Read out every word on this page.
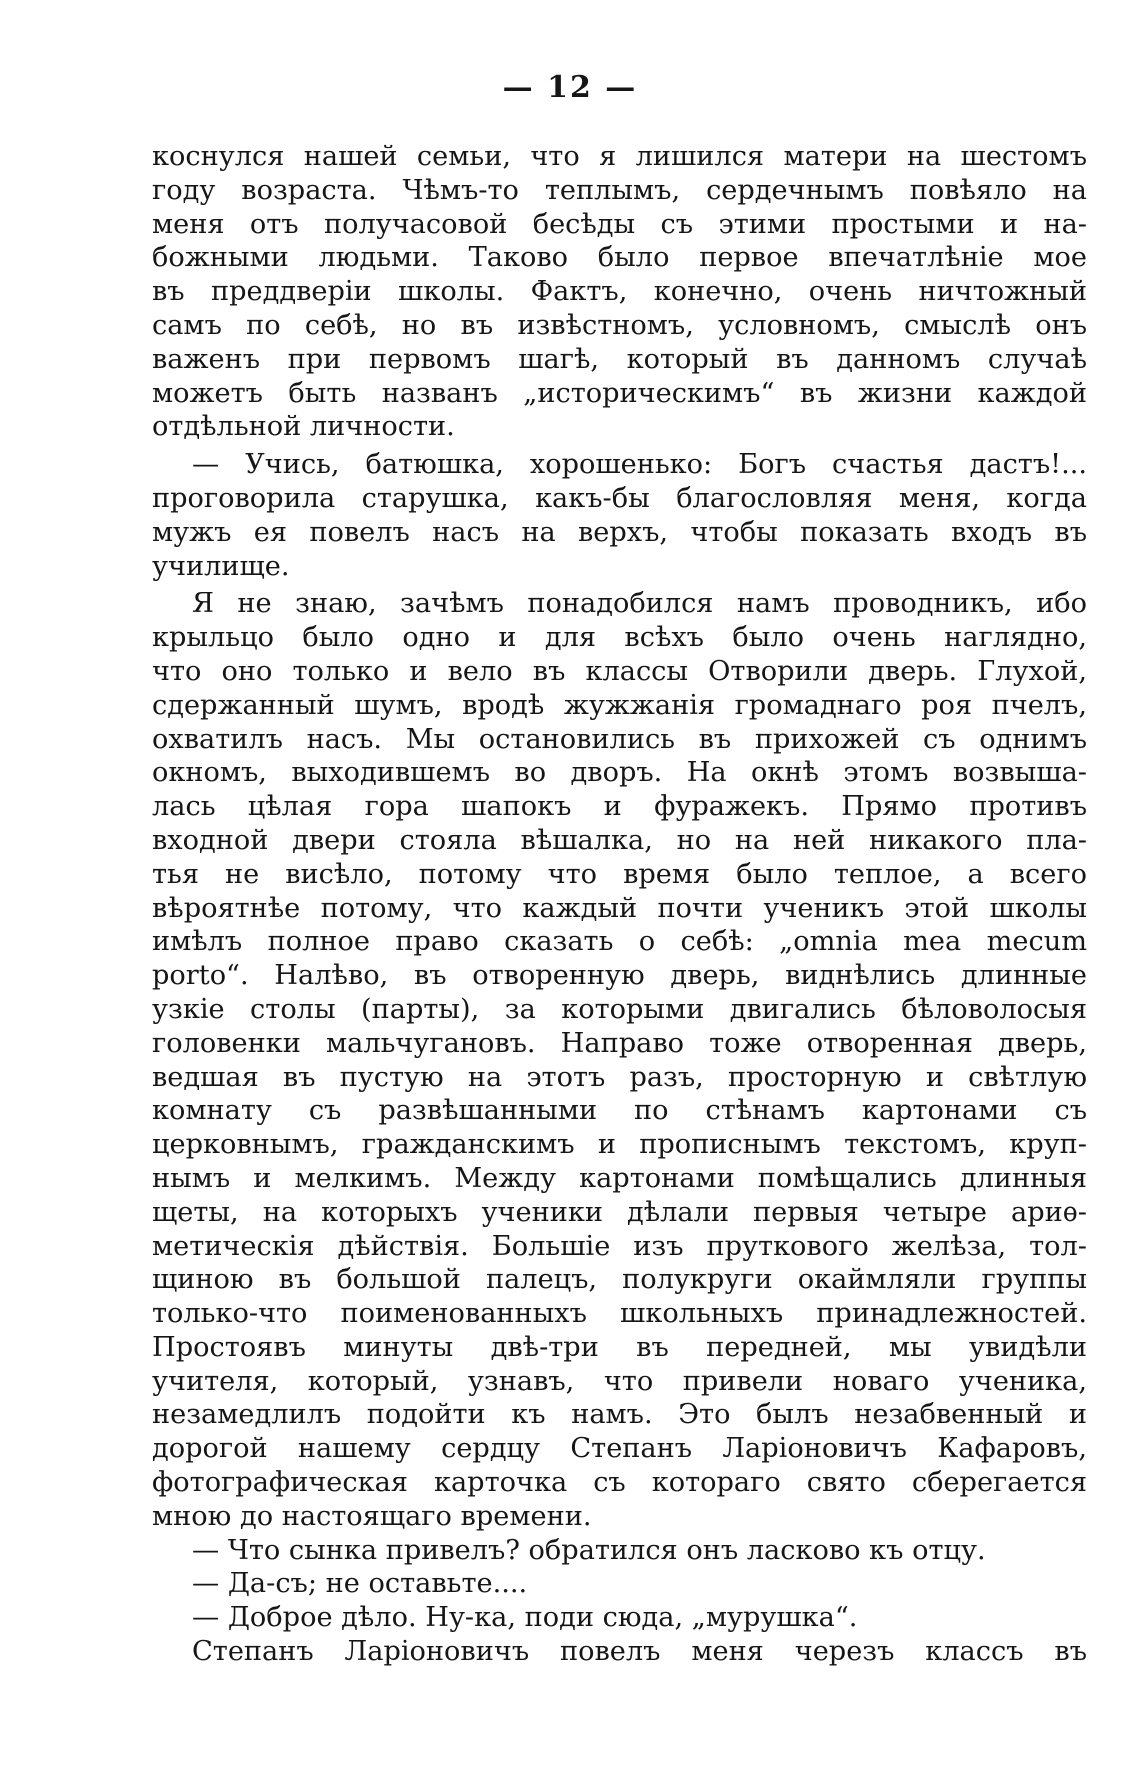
— 12 —
коснулся нашей семьи, что я лишился матери на шестомъ
году возраста. Чѣмъ-то теплымъ, сердечнымъ повѣяло на
меня отъ получасовой бесѣды съ этими простыми и на-
божными людьми. Таково было первое впечатлѣніе мое
въ преддверіи школы. Фактъ, конечно, очень ничтожный
самъ по себѣ, но въ извѣстномъ, условномъ, смыслѣ онъ
важенъ при первомъ шагѣ, который въ данномъ случаѣ
можетъ быть названъ „историческимъ“ въ жизни каждой
отдѣльной личности.
— Учись, батюшка, хорошенько: Богъ счастья дастъ!...
проговорила старушка, какъ-бы благословляя меня, когда
мужъ ея повелъ насъ на верхъ, чтобы показать входъ въ
училище.
Я не знаю, зачѣмъ понадобился намъ проводникъ, ибо
крыльцо было одно и для всѣхъ было очень наглядно,
что оно только и вело въ классы Отворили дверь. Глухой,
сдержанный шумъ, вродѣ жужжанія громаднаго роя пчелъ,
охватилъ насъ. Мы остановились въ прихожей съ однимъ
окномъ, выходившемъ во дворъ. На окнѣ этомъ возвыша-
лась цѣлая гора шапокъ и фуражекъ. Прямо противъ
входной двери стояла вѣшалка, но на ней никакого пла-
тья не висѣло, потому что время было теплое, а всего
вѣроятнѣе потому, что каждый почти ученикъ этой школы
имѣлъ полное право сказать о себѣ: „omnia mea mecum
porto“. Налѣво, въ отворенную дверь, виднѣлись длинные
узкіе столы (парты), за которыми двигались бѣловолосыя
головенки мальчугановъ. Направо тоже отворенная дверь,
ведшая въ пустую на этотъ разъ, просторную и свѣтлую
комнату съ развѣшанными по стѣнамъ картонами съ
церковнымъ, гражданскимъ и прописнымъ текстомъ, круп-
нымъ и мелкимъ. Между картонами помѣщались длинныя
щеты, на которыхъ ученики дѣлали первыя четыре ариѳ-
метическія дѣйствія. Большіе изъ пруткового желѣза, тол-
щиною въ большой палецъ, полукруги окаймляли группы
только-что поименованныхъ школьныхъ принадлежностей.
Простоявъ минуты двѣ-три въ передней, мы увидѣли
учителя, который, узнавъ, что привели новаго ученика,
незамедлилъ подойти къ намъ. Это былъ незабвенный и
дорогой нашему сердцу Степанъ Ларіоновичъ Кафаровъ,
фотографическая карточка съ котораго свято сберегается
мною до настоящаго времени.
— Что сынка привелъ? обратился онъ ласково къ отцу.
— Да-съ; не оставьте....
— Доброе дѣло. Ну-ка, поди сюда, „мурушка“.
Степанъ Ларіоновичъ повелъ меня черезъ классъ въ
